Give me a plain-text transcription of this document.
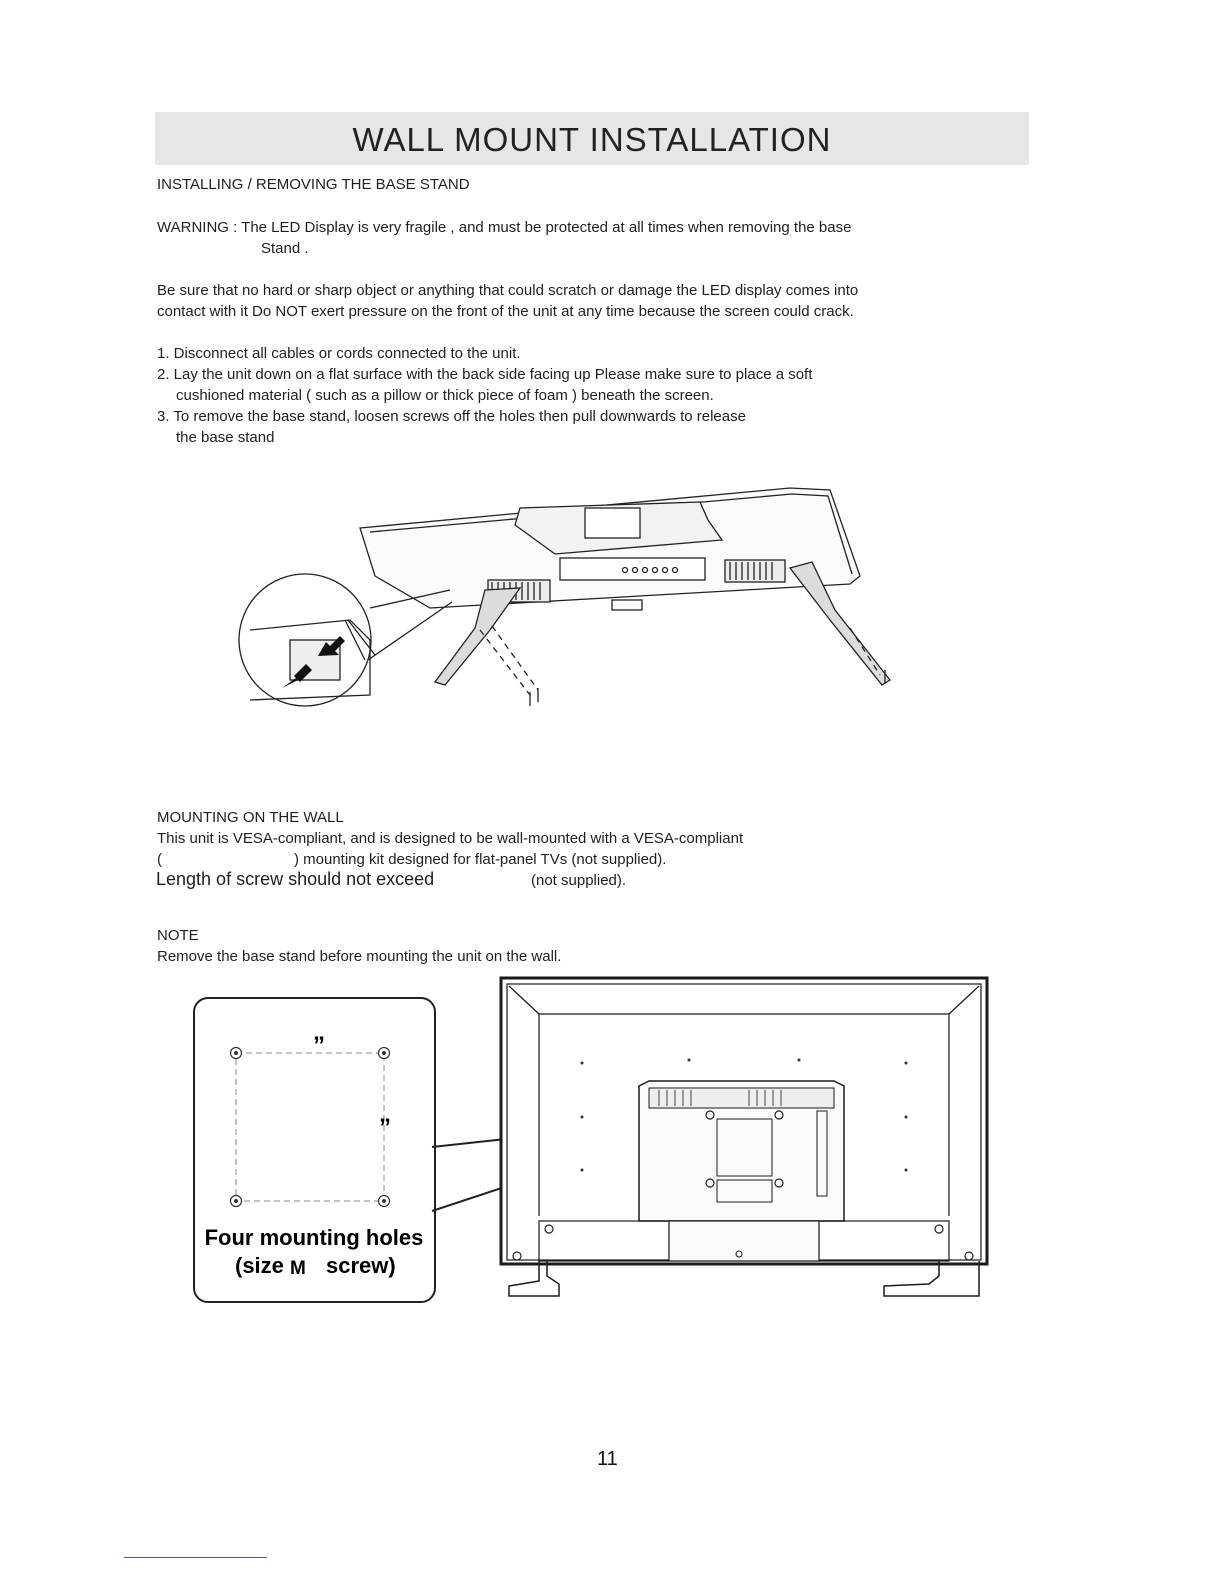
WALL MOUNT INSTALLATION
INSTALLING / REMOVING THE BASE STAND
WARNING : The LED Display is very fragile , and must be protected at all times when removing the base
Stand .
Be sure that no hard or sharp object or anything that could scratch or damage the LED display comes into
contact with it Do NOT exert pressure on the front of the unit at any time because the screen could crack.
1. Disconnect all cables or cords connected to the unit.
2. Lay the unit down on a flat surface with the back side facing up Please make sure to place a soft
cushioned material ( such as a pillow or thick piece of foam ) beneath the screen.
3. To remove the base stand, loosen screws off the holes then pull downwards to release
the base stand
MOUNTING ON THE WALL
This unit is VESA-compliant, and is designed to be wall-mounted with a VESA-compliant
(	) mounting kit designed for flat-panel TVs (not supplied).
Length of screw should not exceed	(not supplied).
NOTE
Remove the base stand before mounting the unit on the wall.
”
”
Four mounting holes
(size M screw)
11
